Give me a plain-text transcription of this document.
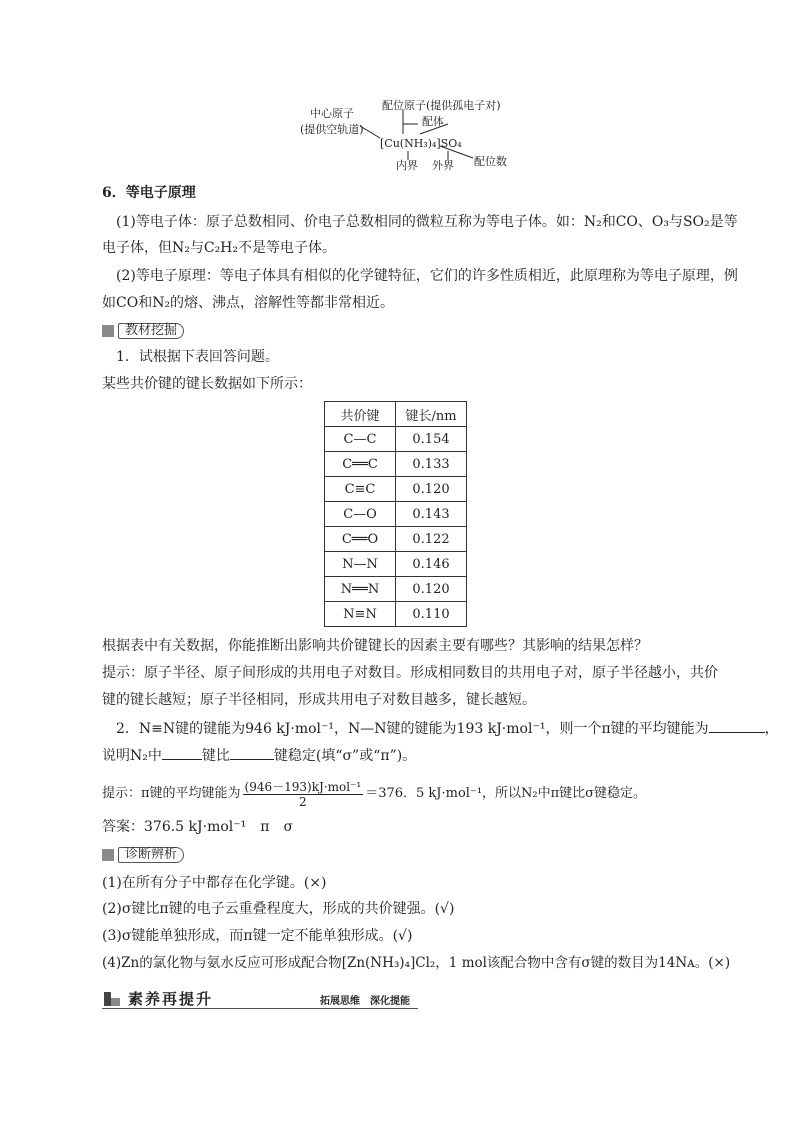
中心原子
(提供空轨道)
配位原子(提供孤电子对)
配体
[Cu(NH₃)₄]SO₄
内界 外界 配位数
6．等电子原理
(1)等电子体：原子总数相同、价电子总数相同的微粒互称为等电子体。如：N₂和CO、O₃与SO₂是等
电子体，但N₂与C₂H₂不是等电子体。
(2)等电子原理：等电子体具有相似的化学键特征，它们的许多性质相近，此原理称为等电子原理，例
如CO和N₂的熔、沸点，溶解性等都非常相近。
教材挖掘
1．试根据下表回答问题。
某些共价键的键长数据如下所示：
共价键	键长/nm
C—C	0.154
C══C	0.133
C≡C	0.120
C—O	0.143
C══O	0.122
N—N	0.146
N══N	0.120
N≡N	0.110
根据表中有关数据，你能推断出影响共价键键长的因素主要有哪些？其影响的结果怎样？
提示：原子半径、原子间形成的共用电子对数目。形成相同数目的共用电子对，原子半径越小，共价
键的键长越短；原子半径相同，形成共用电子对数目越多，键长越短。
2．N≡N键的键能为946 kJ·mol⁻¹，N—N键的键能为193 kJ·mol⁻¹，则一个π键的平均键能为	，
说明N₂中	键比	键稳定(填“σ”或“π”)。
提示：π键的平均键能为 $\frac{\text{(946－193)kJ·mol⁻¹}}{2} =376$．5 kJ·mol⁻¹，所以N₂中π键比σ键稳定。
答案：376.5 kJ·mol⁻¹　π　σ
诊断辨析
(1)在所有分子中都存在化学键。(×)
(2)σ键比π键的电子云重叠程度大，形成的共价键强。(√)
(3)σ键能单独形成，而π键一定不能单独形成。(√)
(4)Zn的氯化物与氨水反应可形成配合物[Zn(NH₃)₄]Cl₂，1 mol该配合物中含有σ键的数目为14Nᴀ。(×)
素养再提升	拓展思维　深化提能
